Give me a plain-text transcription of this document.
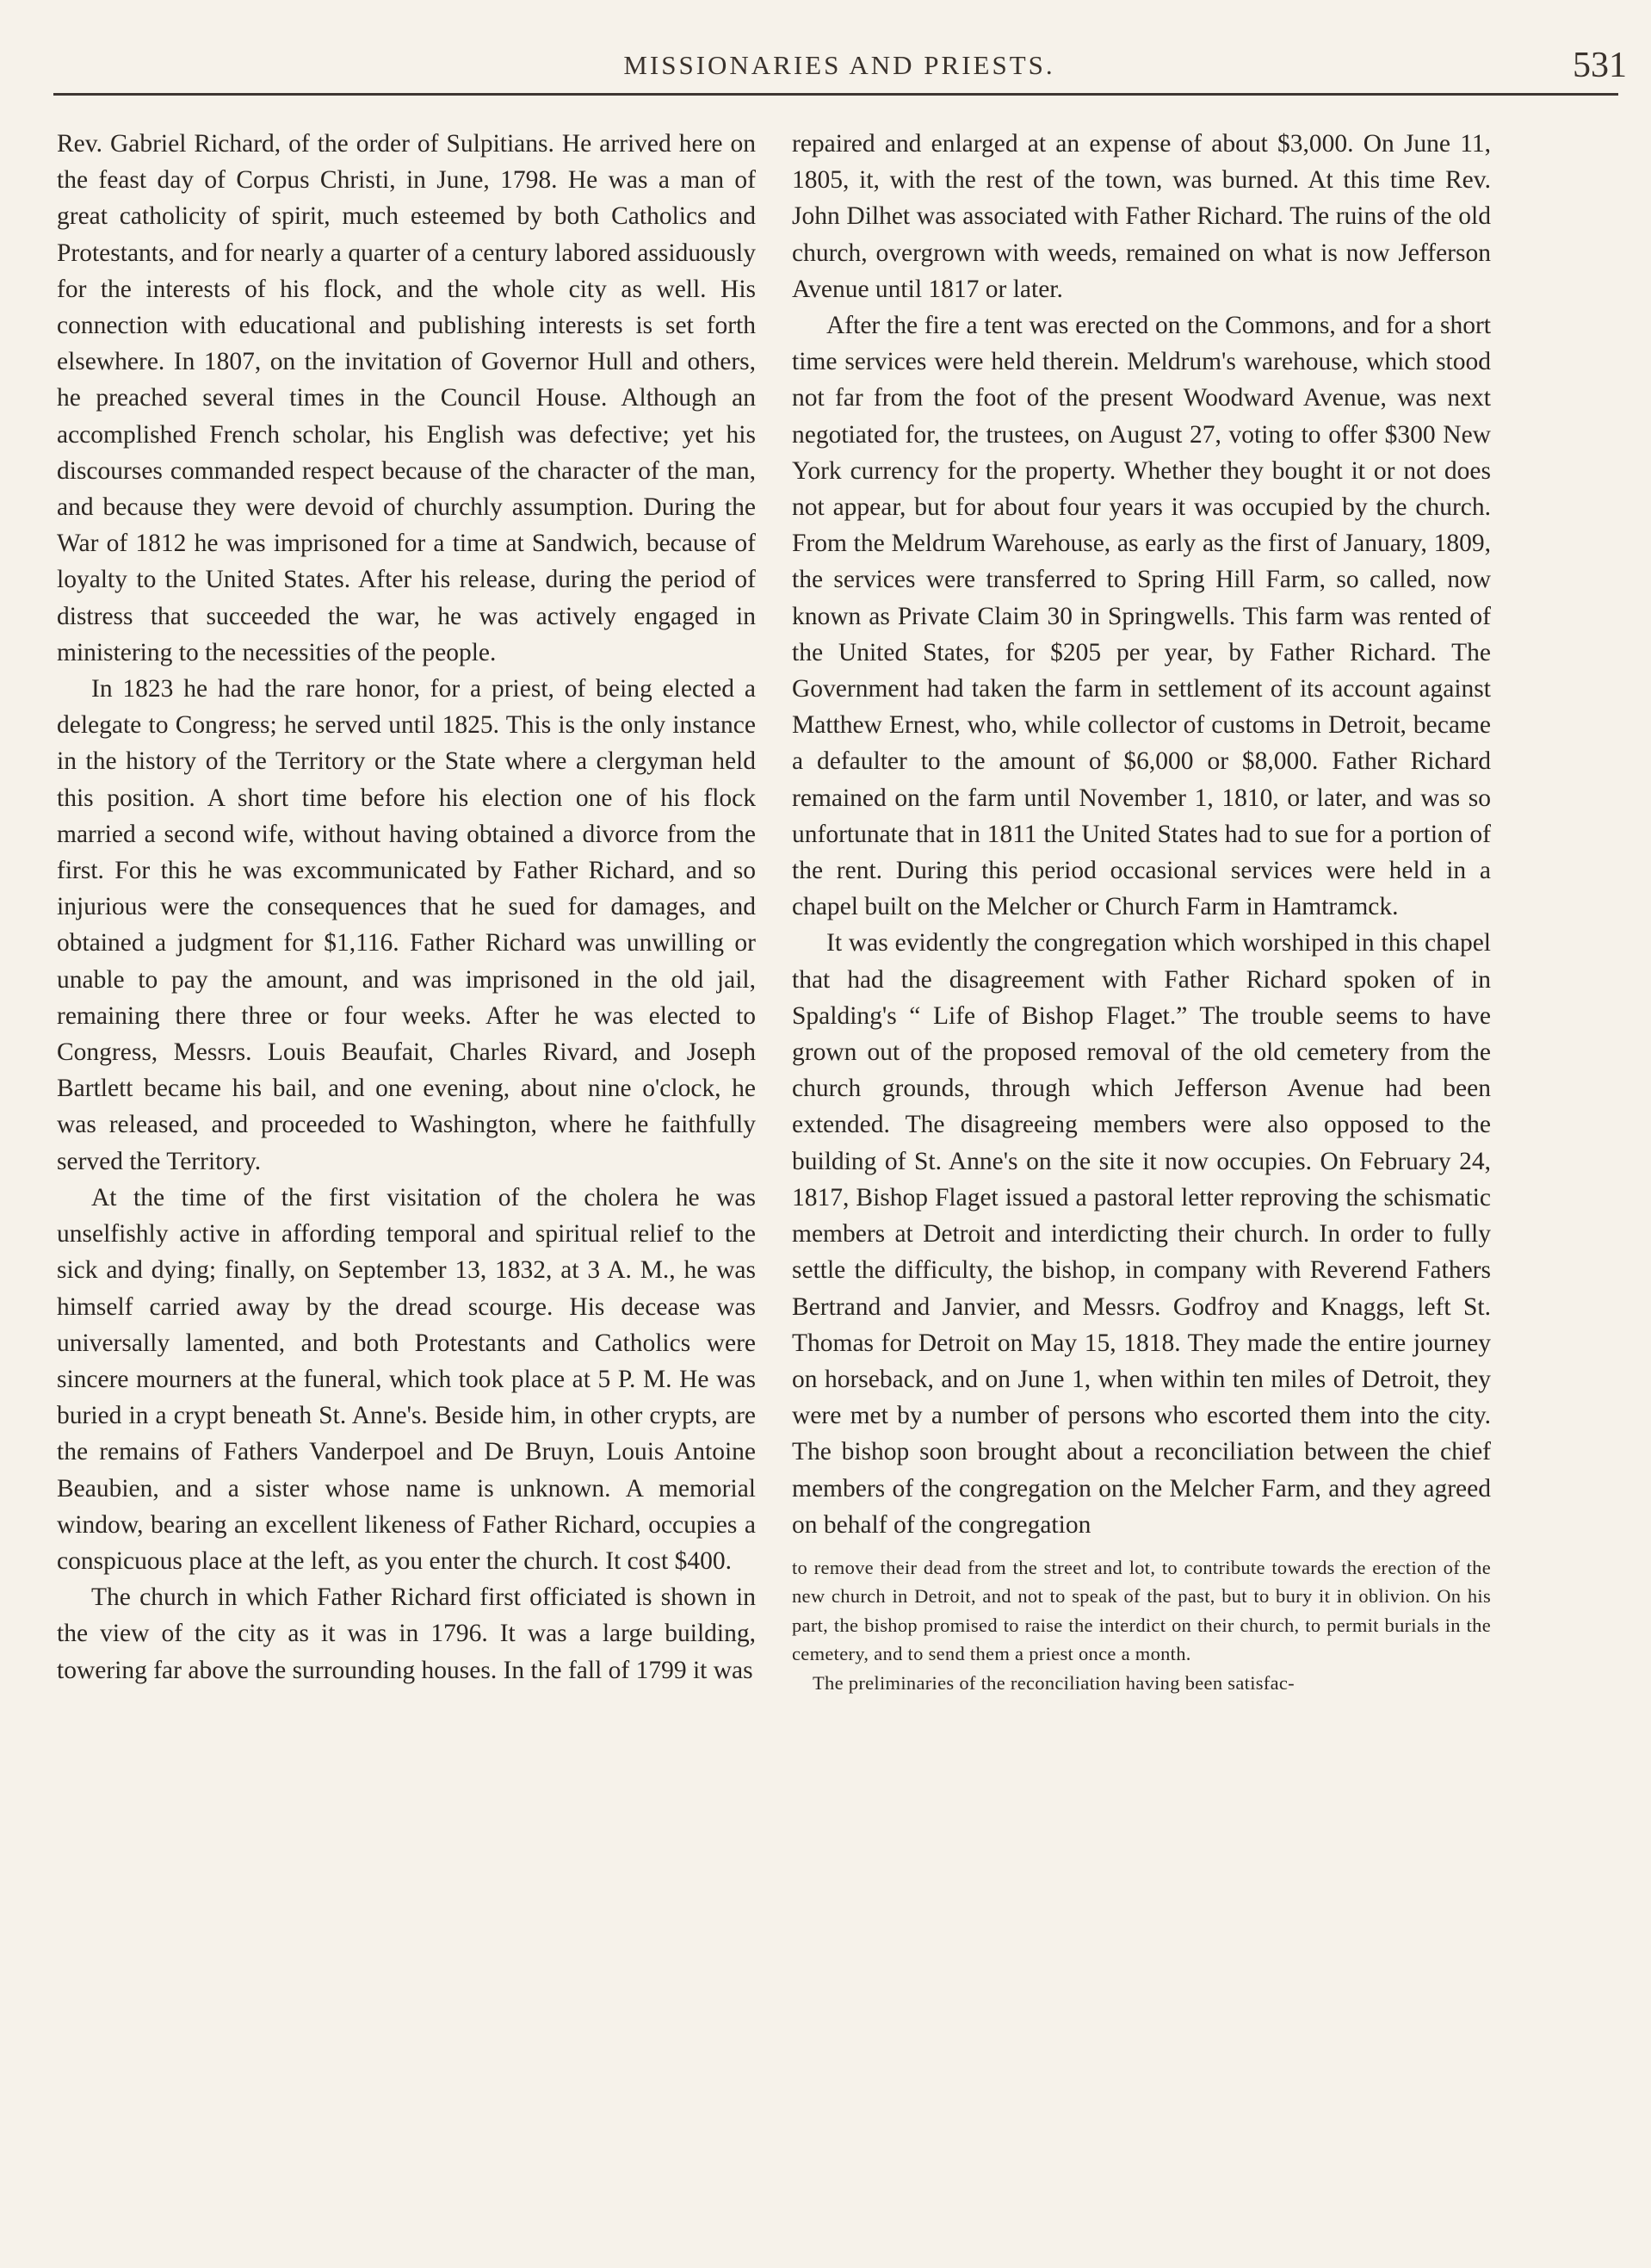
MISSIONARIES AND PRIESTS.	531

Rev. Gabriel Richard, of the order of Sulpitians. He arrived here on the feast day of Corpus Christi, in June, 1798. He was a man of great catholicity of spirit, much esteemed by both Catholics and Protestants, and for nearly a quarter of a century labored assiduously for the interests of his flock, and the whole city as well. His connection with educational and publishing interests is set forth elsewhere. In 1807, on the invitation of Governor Hull and others, he preached several times in the Council House. Although an accomplished French scholar, his English was defective; yet his discourses commanded respect because of the character of the man, and because they were devoid of churchly assumption. During the War of 1812 he was imprisoned for a time at Sandwich, because of loyalty to the United States. After his release, during the period of distress that succeeded the war, he was actively engaged in ministering to the necessities of the people.

In 1823 he had the rare honor, for a priest, of being elected a delegate to Congress; he served until 1825. This is the only instance in the history of the Territory or the State where a clergyman held this position. A short time before his election one of his flock married a second wife, without having obtained a divorce from the first. For this he was excommunicated by Father Richard, and so injurious were the consequences that he sued for damages, and obtained a judgment for $1,116. Father Richard was unwilling or unable to pay the amount, and was imprisoned in the old jail, remaining there three or four weeks. After he was elected to Congress, Messrs. Louis Beaufait, Charles Rivard, and Joseph Bartlett became his bail, and one evening, about nine o'clock, he was released, and proceeded to Washington, where he faithfully served the Territory.

At the time of the first visitation of the cholera he was unselfishly active in affording temporal and spiritual relief to the sick and dying; finally, on September 13, 1832, at 3 A. M., he was himself carried away by the dread scourge. His decease was universally lamented, and both Protestants and Catholics were sincere mourners at the funeral, which took place at 5 P. M. He was buried in a crypt beneath St. Anne's. Beside him, in other crypts, are the remains of Fathers Vanderpoel and De Bruyn, Louis Antoine Beaubien, and a sister whose name is unknown. A memorial window, bearing an excellent likeness of Father Richard, occupies a conspicuous place at the left, as you enter the church. It cost $400.

The church in which Father Richard first officiated is shown in the view of the city as it was in 1796. It was a large building, towering far above the surrounding houses. In the fall of 1799 it was

repaired and enlarged at an expense of about $3,000. On June 11, 1805, it, with the rest of the town, was burned. At this time Rev. John Dilhet was associated with Father Richard. The ruins of the old church, overgrown with weeds, remained on what is now Jefferson Avenue until 1817 or later.

After the fire a tent was erected on the Commons, and for a short time services were held therein. Meldrum's warehouse, which stood not far from the foot of the present Woodward Avenue, was next negotiated for, the trustees, on August 27, voting to offer $300 New York currency for the property. Whether they bought it or not does not appear, but for about four years it was occupied by the church. From the Meldrum Warehouse, as early as the first of January, 1809, the services were transferred to Spring Hill Farm, so called, now known as Private Claim 30 in Springwells. This farm was rented of the United States, for $205 per year, by Father Richard. The Government had taken the farm in settlement of its account against Matthew Ernest, who, while collector of customs in Detroit, became a defaulter to the amount of $6,000 or $8,000. Father Richard remained on the farm until November 1, 1810, or later, and was so unfortunate that in 1811 the United States had to sue for a portion of the rent. During this period occasional services were held in a chapel built on the Melcher or Church Farm in Hamtramck.

It was evidently the congregation which worshiped in this chapel that had the disagreement with Father Richard spoken of in Spalding's “ Life of Bishop Flaget.” The trouble seems to have grown out of the proposed removal of the old cemetery from the church grounds, through which Jefferson Avenue had been extended. The disagreeing members were also opposed to the building of St. Anne's on the site it now occupies. On February 24, 1817, Bishop Flaget issued a pastoral letter reproving the schismatic members at Detroit and interdicting their church. In order to fully settle the difficulty, the bishop, in company with Reverend Fathers Bertrand and Janvier, and Messrs. Godfroy and Knaggs, left St. Thomas for Detroit on May 15, 1818. They made the entire journey on horseback, and on June 1, when within ten miles of Detroit, they were met by a number of persons who escorted them into the city. The bishop soon brought about a reconciliation between the chief members of the congregation on the Melcher Farm, and they agreed on behalf of the congregation

to remove their dead from the street and lot, to contribute towards the erection of the new church in Detroit, and not to speak of the past, but to bury it in oblivion. On his part, the bishop promised to raise the interdict on their church, to permit burials in the cemetery, and to send them a priest once a month.

The preliminaries of the reconciliation having been satisfac-
